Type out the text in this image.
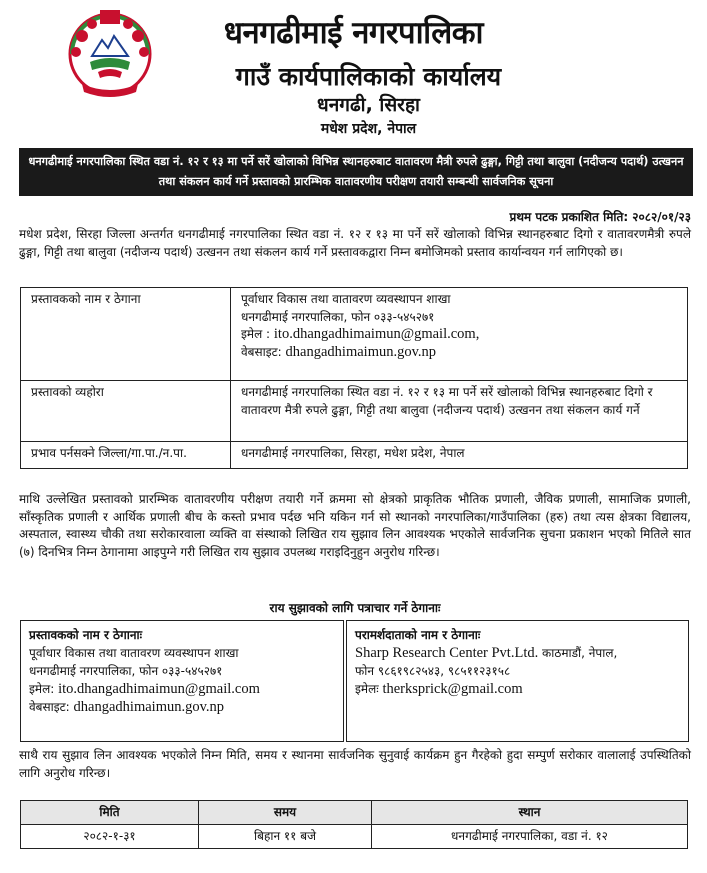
धनगढीमाई नगरपालिका
गाउँ कार्यपालिकाको कार्यालय
धनगढी, सिरहा
मधेश प्रदेश, नेपाल
धनगढीमाई नगरपालिका स्थित वडा नं. १२ र १३ मा पर्ने सरें खोलाको विभिन्न स्थानहरुबाट वातावरण मैत्री रुपले ढुङ्गा, गिट्टी तथा बालुवा (नदीजन्य पदार्थ) उत्खनन तथा संकलन कार्य गर्ने प्रस्तावको प्रारम्भिक वातावरणीय परीक्षण तयारी सम्बन्धी सार्वजनिक सूचना
प्रथम पटक प्रकाशित मिति: २०८२/०१/२३
मधेश प्रदेश, सिरहा जिल्ला अन्तर्गत धनगढीमाई नगरपालिका स्थित वडा नं. १२ र १३ मा पर्ने सरें खोलाको विभिन्न स्थानहरुबाट दिगो र वातावरणमैत्री रुपले ढुङ्गा, गिट्टी तथा बालुवा (नदीजन्य पदार्थ) उत्खनन तथा संकलन कार्य गर्ने प्रस्तावकद्वारा निम्न बमोजिमको प्रस्ताव कार्यान्वयन गर्न लागिएको छ।
प्रस्तावकको नाम र ठेगाना	पूर्वाधार विकास तथा वातावरण व्यवस्थापन शाखा
धनगढीमाई नगरपालिका, फोन ०३३-५४५२७१
इमेल : ito.dhangadhimaimun@gmail.com,
वेबसाइट: dhangadhimaimun.gov.np

प्रस्तावको व्यहोरा	धनगढीमाई नगरपालिका स्थित वडा नं. १२ र १३ मा पर्ने सरें खोलाको विभिन्न स्थानहरुबाट दिगो र वातावरण मैत्री रुपले ढुङ्गा, गिट्टी तथा बालुवा (नदीजन्य पदार्थ) उत्खनन तथा संकलन कार्य गर्ने
प्रभाव पर्नसक्ने जिल्ला/गा.पा./न.पा.	धनगढीमाई नगरपालिका, सिरहा, मधेश प्रदेश, नेपाल
माथि उल्लेखित प्रस्तावको प्रारम्भिक वातावरणीय परीक्षण तयारी गर्ने क्रममा सो क्षेत्रको प्राकृतिक भौतिक प्रणाली, जैविक प्रणाली, सामाजिक प्रणाली, साँस्कृतिक प्रणाली र आर्थिक प्रणाली बीच के कस्तो प्रभाव पर्दछ भनि यकिन गर्न सो स्थानको नगरपालिका/गाउँपालिका (हरु) तथा त्यस क्षेत्रका विद्यालय, अस्पताल, स्वास्थ्य चौकी तथा सरोकारवाला व्यक्ति वा संस्थाको लिखित राय सुझाव लिन आवश्यक भएकोले सार्वजनिक सुचना प्रकाशन भएको मितिले सात (७) दिनभित्र निम्न ठेगानामा आइपुग्ने गरी लिखित राय सुझाव उपलब्ध गराइदिनुहुन अनुरोध गरिन्छ।
राय सुझावको लागि पत्राचार गर्ने ठेगानाः
प्रस्तावकको नाम र ठेगानाः
पूर्वाधार विकास तथा वातावरण व्यवस्थापन शाखा
धनगढीमाई नगरपालिका, फोन ०३३-५४५२७१
इमेल: ito.dhangadhimaimun@gmail.com
वेबसाइट: dhangadhimaimun.gov.np
परामर्शदाताको नाम र ठेगानाः
Sharp Research Center Pvt.Ltd. काठमाडौं, नेपाल,
फोन ९८६१९८२५४३, ९८५११२३१५८
इमेलः therksprick@gmail.com
साथै राय सुझाव लिन आवश्यक भएकोले निम्न मिति, समय र स्थानमा सार्वजनिक सुनुवाई कार्यक्रम हुन गैरहेको हुदा सम्पुर्ण सरोकार वालालाई उपस्थितिको लागि अनुरोध गरिन्छ।
मिति	समय	स्थान
२०८२-१-३१	बिहान ११ बजे	धनगढीमाई नगरपालिका, वडा नं. १२
